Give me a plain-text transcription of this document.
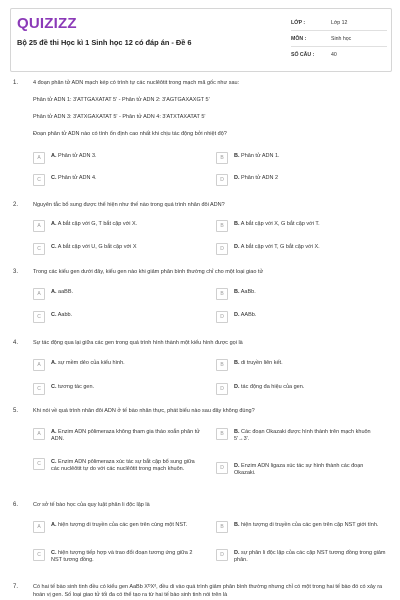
QUIZIZZ
Bộ 25 đề thi Học kì 1 Sinh học 12 có đáp án - Đề 6
LỚP :	Lớp 12
MÔN :	Sinh học
SỐ CÂU :	40
1.	4 đoạn phân tử ADN mạch kép có trình tự các nuclêôtit trong mạch mã gốc như sau:
Phân tử ADN 1: 3'ATTGAXATAT 5' - Phân tử ADN 2: 3'AGTGAXAXGT 5'
Phân tử ADN 3: 3'ATXGAXATAT 5' - Phân tử ADN 4: 3'ATXTAXATAT 5'
Đoạn phân tử ADN nào có tính ổn định cao nhất khi chịu tác động bởi nhiệt độ?
A	A. Phân tử ADN 3.	B	B. Phân tử ADN 1.
C	C. Phân tử ADN 4.	D	D. Phân tử ADN 2
2.	Nguyên tắc bổ sung được thể hiện như thế nào trong quá trình nhân đôi ADN?
A	A. A bắt cặp với G, T bắt cặp với X.	B	B. A bắt cặp với X, G bắt cặp với T.
C	C. A bắt cặp với U, G bắt cặp với X	D	D. A bắt cặp với T, G bắt cặp với X.
3.	Trong các kiểu gen dưới đây, kiểu gen nào khi giảm phân bình thường chỉ cho một loại giao tử
A	A. aaBB.	B	B. AaBb.
C	C. Aabb.	D	D. AABb.
4.	Sự tác động qua lại giữa các gen trong quá trình hình thành một kiểu hình được gọi là
A	A. sự mềm dẻo của kiểu hình.	B	B. di truyền liên kết.
C	C. tương tác gen.	D	D. tác động đa hiệu của gen.
5.	Khi nói về quá trình nhân đôi ADN ở tế bào nhân thực, phát biểu nào sau đây không đúng?
A	A. Enzim ADN pôlimeraza không tham gia tháo xoắn phân tử ADN.
B	B. Các đoạn Okazaki được hình thành trên mạch khuôn 5'→3'.
C	C. Enzim ADN pôlimeraza xúc tác sự bắt cặp bổ sung giữa các nuclêôtit tự do với các nuclêôtit trong mạch khuôn.	D	D. Enzim ADN ligaza xúc tác sự hình thành các đoạn Okazaki.
6.	Cơ sở tế bào học của quy luật phân li độc lập là
A	A. hiện tượng di truyền của các gen trên cùng một NST.	B	B. hiện tượng di truyền của các gen trên cặp NST giới tính.
C	C. hiện tượng tiếp hợp và trao đổi đoạn tương ứng giữa 2 NST tương đồng.
D	D. sự phân li độc lập của các cặp NST tương đồng trong giảm phân.
7.	Có hai tế bào sinh tinh đều có kiểu gen AaBb XᴰXᵈ, đều di vào quá trình giảm phân bình thường nhưng chỉ có một trong hai tế bào đó có xảy ra hoán vị gen. Số loại giao tử tối đa có thể tạo ra từ hai tế bào sinh tinh nói trên là
